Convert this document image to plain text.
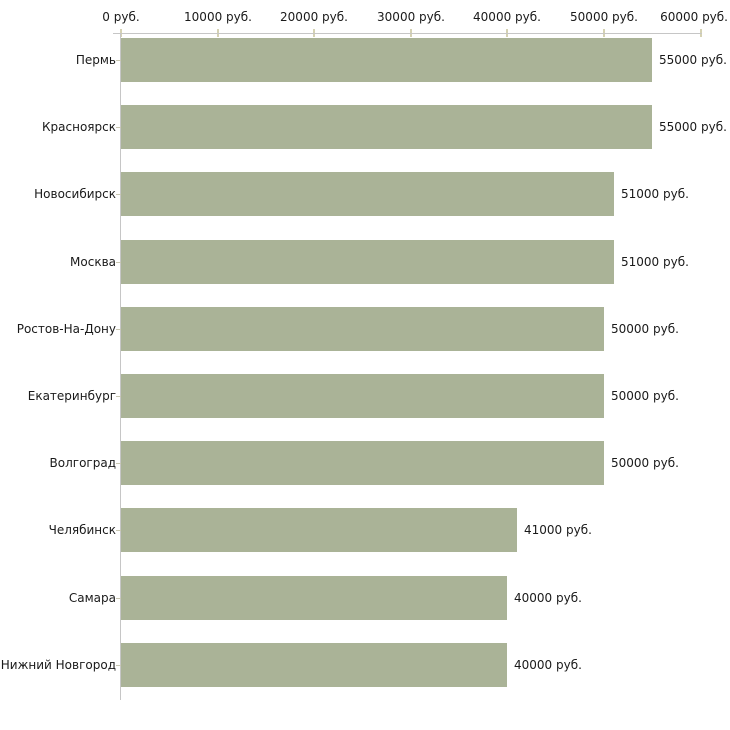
0 руб.	10000 руб. 20000 руб. 30000 руб. 40000 руб. 50000 руб. 60000 руб.
Пермь	55000 руб.
Красноярск	55000 руб.
Новосибирск	51000 руб.
Москва	51000 руб.
Ростов-На-Дону	50000 руб.
Екатеринбург	50000 руб.
Волгоград	50000 руб.
Челябинск	41000 руб.
Самара	40000 руб.
Нижний Новгород	40000 руб.
